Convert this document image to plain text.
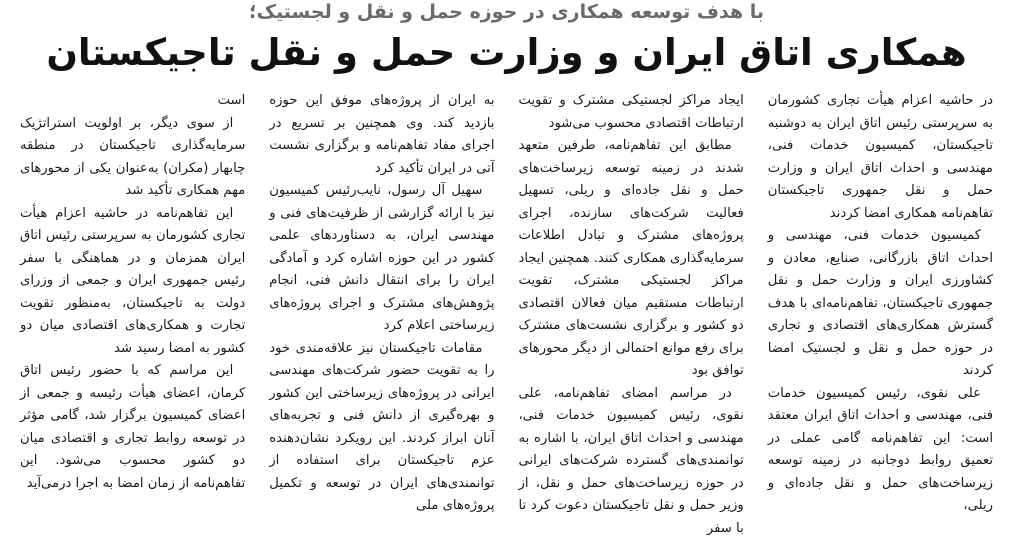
با هدف توسعه همکاری در حوزه حمل و نقل و لجستیک؛
همکاری اتاق ایران و وزارت حمل و نقل تاجیکستان

در حاشیه اعزام هیأت تجاری کشورمان به سرپرستی رئیس اتاق ایران به دوشنبه تاجیکستان، کمیسیون خدمات فنی، مهندسی و احداث اتاق ایران و وزارت حمل و نقل جمهوری تاجیکستان تفاهم‌نامه همکاری امضا کردند

کمیسیون خدمات فنی، مهندسی و احداث اتاق بازرگانی، صنایع، معادن و کشاورزی ایران و وزارت حمل و نقل جمهوری تاجیکستان، تفاهم‌نامه‌ای با هدف گسترش همکاری‌های اقتصادی و تجاری در حوزه حمل و نقل و لجستیک امضا کردند

علی نقوی، رئیس کمیسیون خدمات فنی، مهندسی و احداث اتاق ایران معتقد است: این تفاهم‌نامه گامی عملی در تعمیق روابط دوجانبه در زمینه توسعه زیرساخت‌های حمل و نقل جاده‌ای و ریلی،

ایجاد مراکز لجستیکی مشترک و تقویت ارتباطات اقتصادی محسوب می‌شود

مطابق این تفاهم‌نامه، طرفین متعهد شدند در زمینه توسعه زیرساخت‌های حمل و نقل جاده‌ای و ریلی، تسهیل فعالیت شرکت‌های سازنده، اجرای پروژه‌های مشترک و تبادل اطلاعات سرمایه‌گذاری همکاری کنند. همچنین ایجاد مراکز لجستیکی مشترک، تقویت ارتباطات مستقیم میان فعالان اقتصادی دو کشور و برگزاری نشست‌های مشترک برای رفع موانع احتمالی از دیگر محورهای توافق بود

در مراسم امضای تفاهم‌نامه، علی نقوی، رئیس کمیسیون خدمات فنی، مهندسی و احداث اتاق ایران، با اشاره به توانمندی‌های گسترده شرکت‌های ایرانی در حوزه زیرساخت‌های حمل و نقل، از وزیر حمل و نقل تاجیکستان دعوت کرد تا با سفر

به ایران از پروژه‌های موفق این حوزه بازدید کند. وی همچنین بر تسریع در اجرای مفاد تفاهم‌نامه و برگزاری نشست آتی در ایران تأکید کرد

سهیل آل رسول، نایب‌رئیس کمیسیون نیز با ارائه گزارشی از ظرفیت‌های فنی و مهندسی ایران، به دستاوردهای علمی کشور در این حوزه اشاره کرد و آمادگی ایران را برای انتقال دانش فنی، انجام پژوهش‌های مشترک و اجرای پروژه‌های زیرساختی اعلام کرد

مقامات تاجیکستان نیز علاقه‌مندی خود را به تقویت حضور شرکت‌های مهندسی ایرانی در پروژه‌های زیرساختی این کشور و بهره‌گیری از دانش فنی و تجربه‌های آنان ابراز کردند. این رویکرد نشان‌دهنده عزم تاجیکستان برای استفاده از توانمندی‌های ایران در توسعه و تکمیل پروژه‌های ملی

است

از سوی دیگر، بر اولویت استراتژیک سرمایه‌گذاری تاجیکستان در منطقه چابهار (مکران) به‌عنوان یکی از محورهای مهم همکاری تأکید شد

این تفاهم‌نامه در حاشیه اعزام هیأت تجاری کشورمان به سرپرستی رئیس اتاق ایران همزمان و در هماهنگی با سفر رئیس جمهوری ایران و جمعی از وزرای دولت به تاجیکستان، به‌منظور تقویت تجارت و همکاری‌های اقتصادی میان دو کشور به امضا رسید شد

این مراسم که با حضور رئیس اتاق کرمان، اعضای هیأت رئیسه و جمعی از اعضای کمیسیون برگزار شد، گامی مؤثر در توسعه روابط تجاری و اقتصادی میان دو کشور محسوب می‌شود. این تفاهم‌نامه از زمان امضا به اجرا درمی‌آید
